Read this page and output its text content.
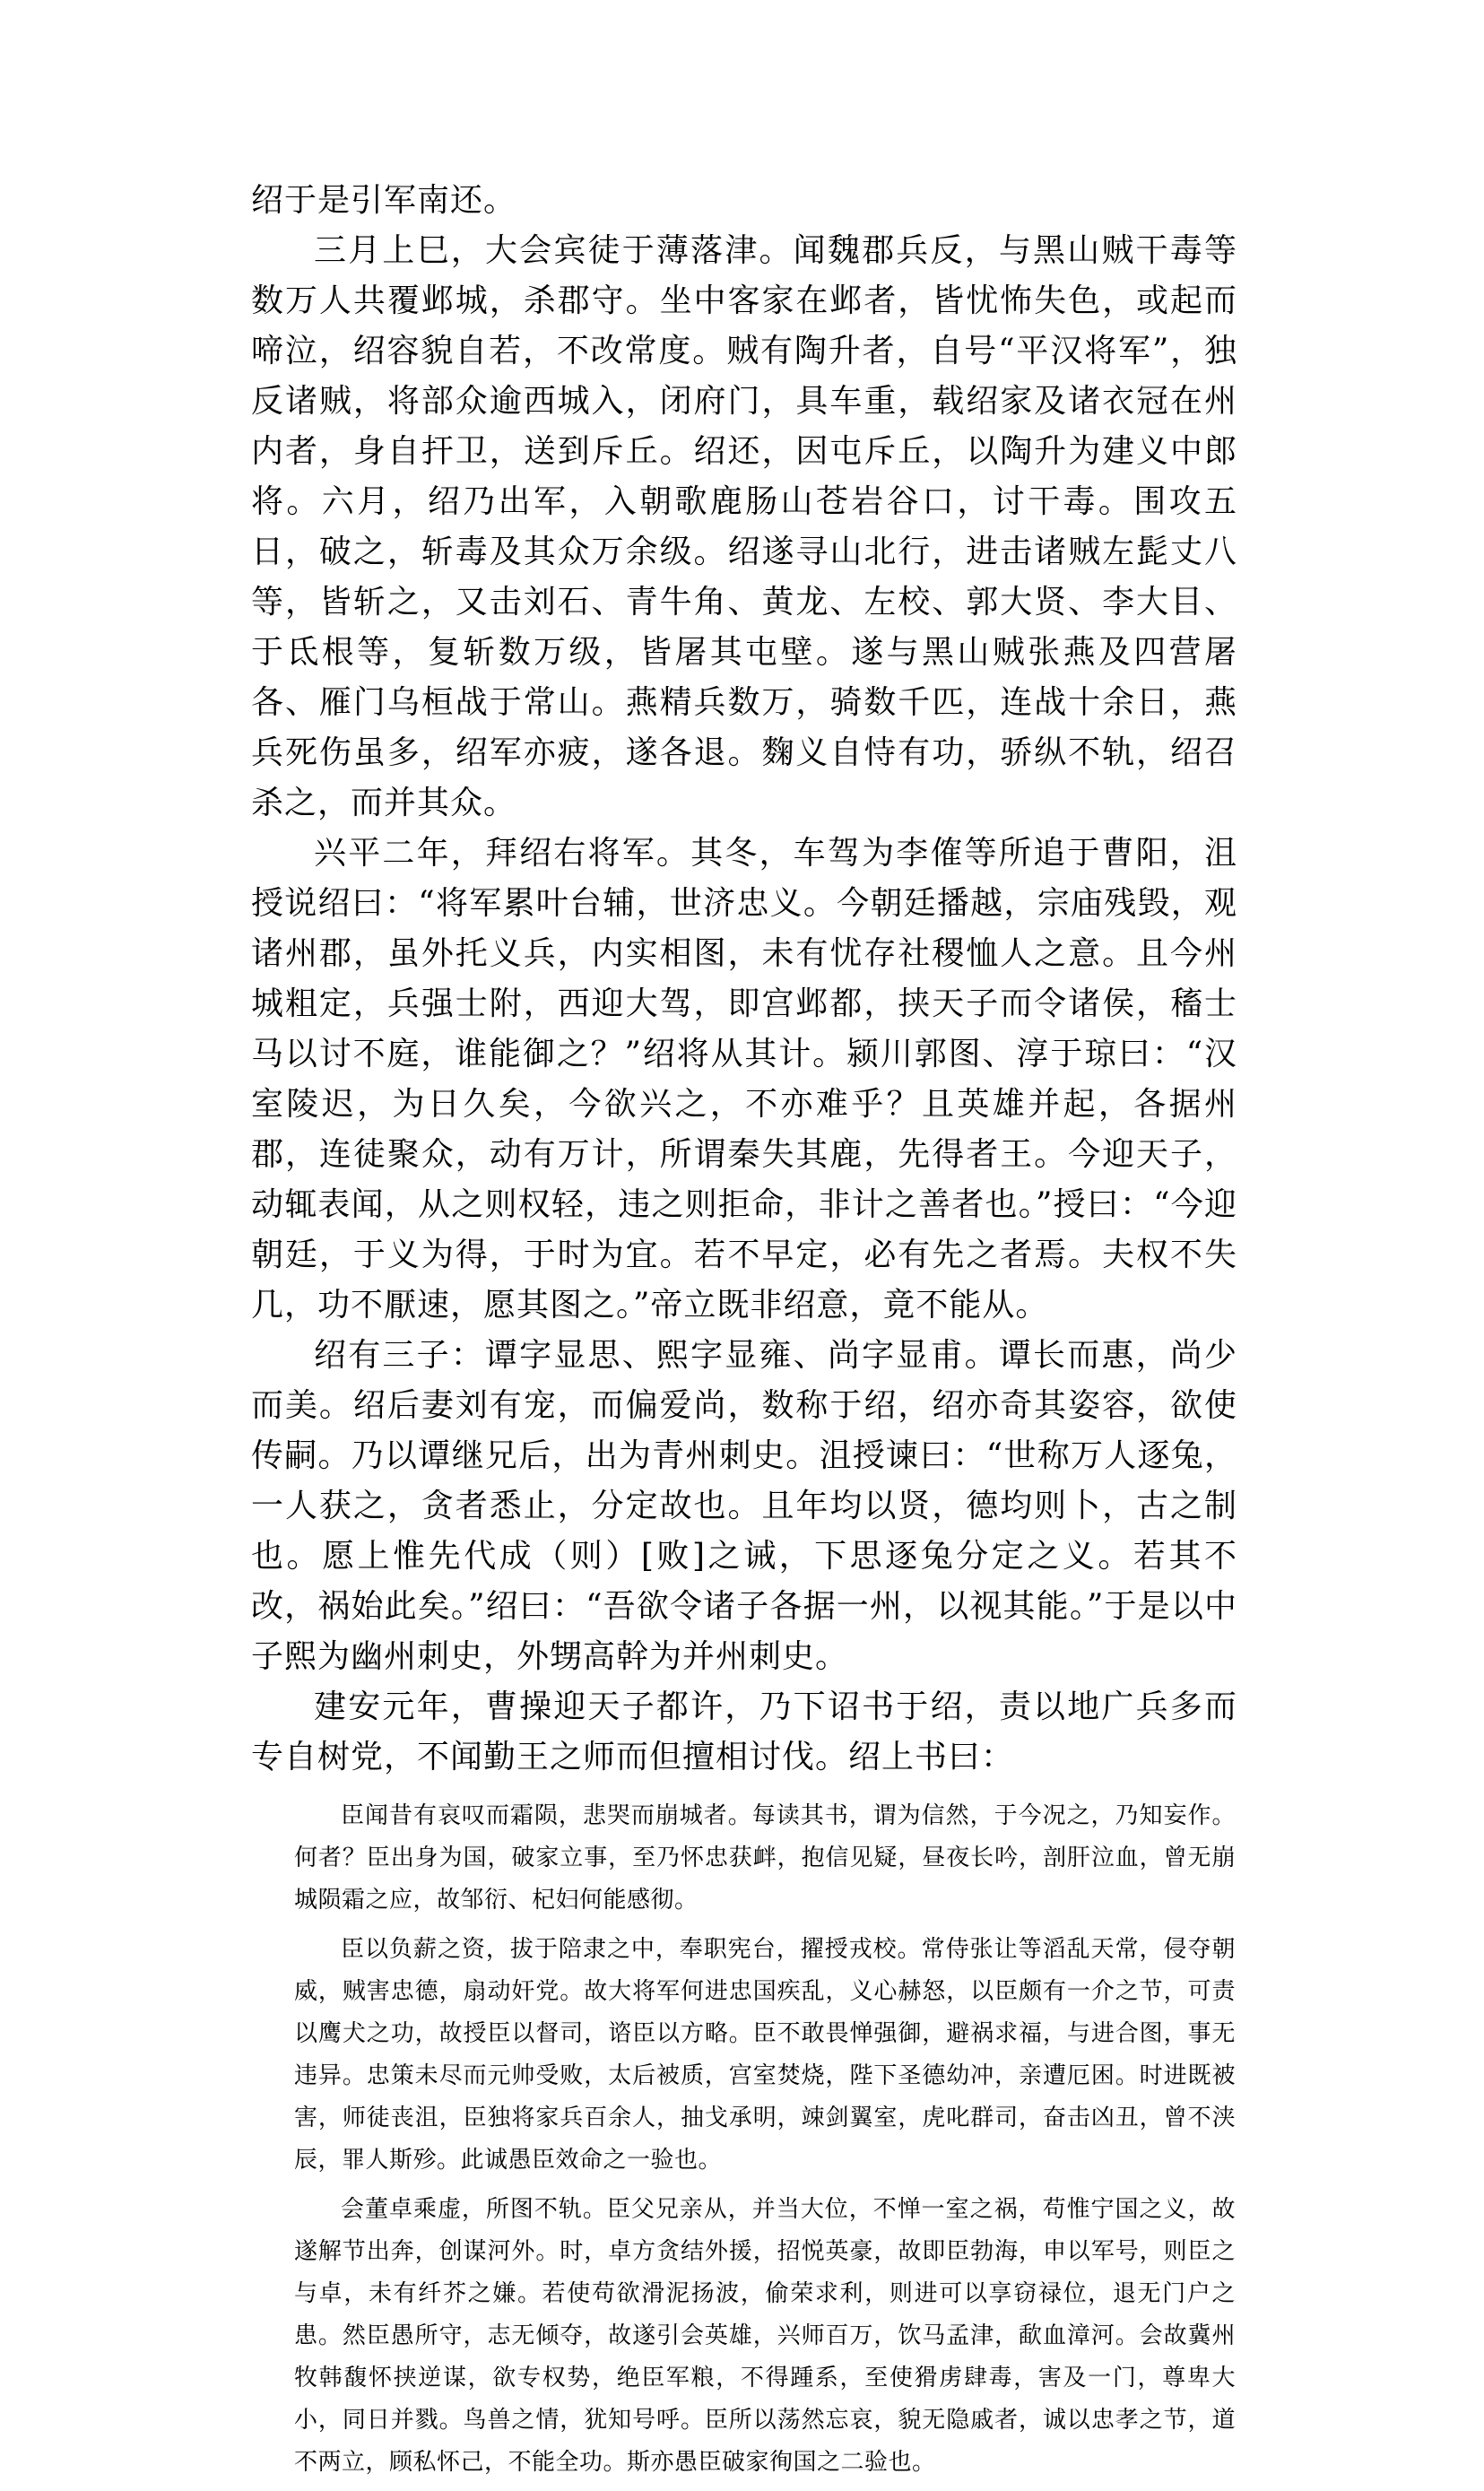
绍于是引军南还。

三月上巳，大会宾徒于薄落津。闻魏郡兵反，与黑山贼干毒等数万人共覆邺城，杀郡守。坐中客家在邺者，皆忧怖失色，或起而啼泣，绍容貌自若，不改常度。贼有陶升者，自号“平汉将军”，独反诸贼，将部众逾西城入，闭府门，具车重，载绍家及诸衣冠在州内者，身自扞卫，送到斥丘。绍还，因屯斥丘，以陶升为建义中郎将。六月，绍乃出军，入朝歌鹿肠山苍岩谷口，讨干毒。围攻五日，破之，斩毒及其众万余级。绍遂寻山北行，进击诸贼左髭丈八等，皆斩之，又击刘石、青牛角、黄龙、左校、郭大贤、李大目、于氐根等，复斩数万级，皆屠其屯壁。遂与黑山贼张燕及四营屠各、雁门乌桓战于常山。燕精兵数万，骑数千匹，连战十余日，燕兵死伤虽多，绍军亦疲，遂各退。麴义自恃有功，骄纵不轨，绍召杀之，而并其众。

兴平二年，拜绍右将军。其冬，车驾为李傕等所追于曹阳，沮授说绍曰：“将军累叶台辅，世济忠义。今朝廷播越，宗庙残毁，观诸州郡，虽外托义兵，内实相图，未有忧存社稷恤人之意。且今州城粗定，兵强士附，西迎大驾，即宫邺都，挟天子而令诸侯，稸士马以讨不庭，谁能御之？”绍将从其计。颍川郭图、淳于琼曰：“汉室陵迟，为日久矣，今欲兴之，不亦难乎？且英雄并起，各据州郡，连徒聚众，动有万计，所谓秦失其鹿，先得者王。今迎天子，动辄表闻，从之则权轻，违之则拒命，非计之善者也。”授曰：“今迎朝廷，于义为得，于时为宜。若不早定，必有先之者焉。夫权不失几，功不厭速，愿其图之。”帝立既非绍意，竟不能从。

绍有三子：谭字显思、熙字显雍、尚字显甫。谭长而惠，尚少而美。绍后妻刘有宠，而偏爱尚，数称于绍，绍亦奇其姿容，欲使传嗣。乃以谭继兄后，出为青州刺史。沮授谏曰：“世称万人逐兔，一人获之，贪者悉止，分定故也。且年均以贤，德均则卜，古之制也。愿上惟先代成（则）[败]之诫，下思逐兔分定之义。若其不改，祸始此矣。”绍曰：“吾欲令诸子各据一州，以视其能。”于是以中子熙为幽州刺史，外甥高幹为并州刺史。

建安元年，曹操迎天子都许，乃下诏书于绍，责以地广兵多而专自树党，不闻勤王之师而但擅相讨伐。绍上书曰：

臣闻昔有哀叹而霜陨，悲哭而崩城者。每读其书，谓为信然，于今况之，乃知妄作。何者？臣出身为国，破家立事，至乃怀忠获衅，抱信见疑，昼夜长吟，剖肝泣血，曾无崩城陨霜之应，故邹衍、杞妇何能感彻。

臣以负薪之资，拔于陪隶之中，奉职宪台，擢授戎校。常侍张让等滔乱天常，侵夺朝威，贼害忠德，扇动奸党。故大将军何进忠国疾乱，义心赫怒，以臣颇有一介之节，可责以鹰犬之功，故授臣以督司，谘臣以方略。臣不敢畏惮强御，避祸求福，与进合图，事无违异。忠策未尽而元帅受败，太后被质，宫室焚烧，陛下圣德幼冲，亲遭厄困。时进既被害，师徒丧沮，臣独将家兵百余人，抽戈承明，竦剑翼室，虎叱群司，奋击凶丑，曾不浃辰，罪人斯殄。此诚愚臣效命之一验也。

会董卓乘虚，所图不轨。臣父兄亲从，并当大位，不惮一室之祸，苟惟宁国之义，故遂解节出奔，创谋河外。时，卓方贪结外援，招悦英豪，故即臣勃海，申以军号，则臣之与卓，未有纤芥之嫌。若使苟欲滑泥扬波，偷荣求利，则进可以享窃禄位，退无门户之患。然臣愚所守，志无倾夺，故遂引会英雄，兴师百万，饮马孟津，歃血漳河。会故冀州牧韩馥怀挟逆谋，欲专权势，绝臣军粮，不得踵系，至使猾虏肆毒，害及一门，尊卑大小，同日并戮。鸟兽之情，犹知号呼。臣所以荡然忘哀，貌无隐戚者，诚以忠孝之节，道不两立，顾私怀己，不能全功。斯亦愚臣破家徇国之二验也。
